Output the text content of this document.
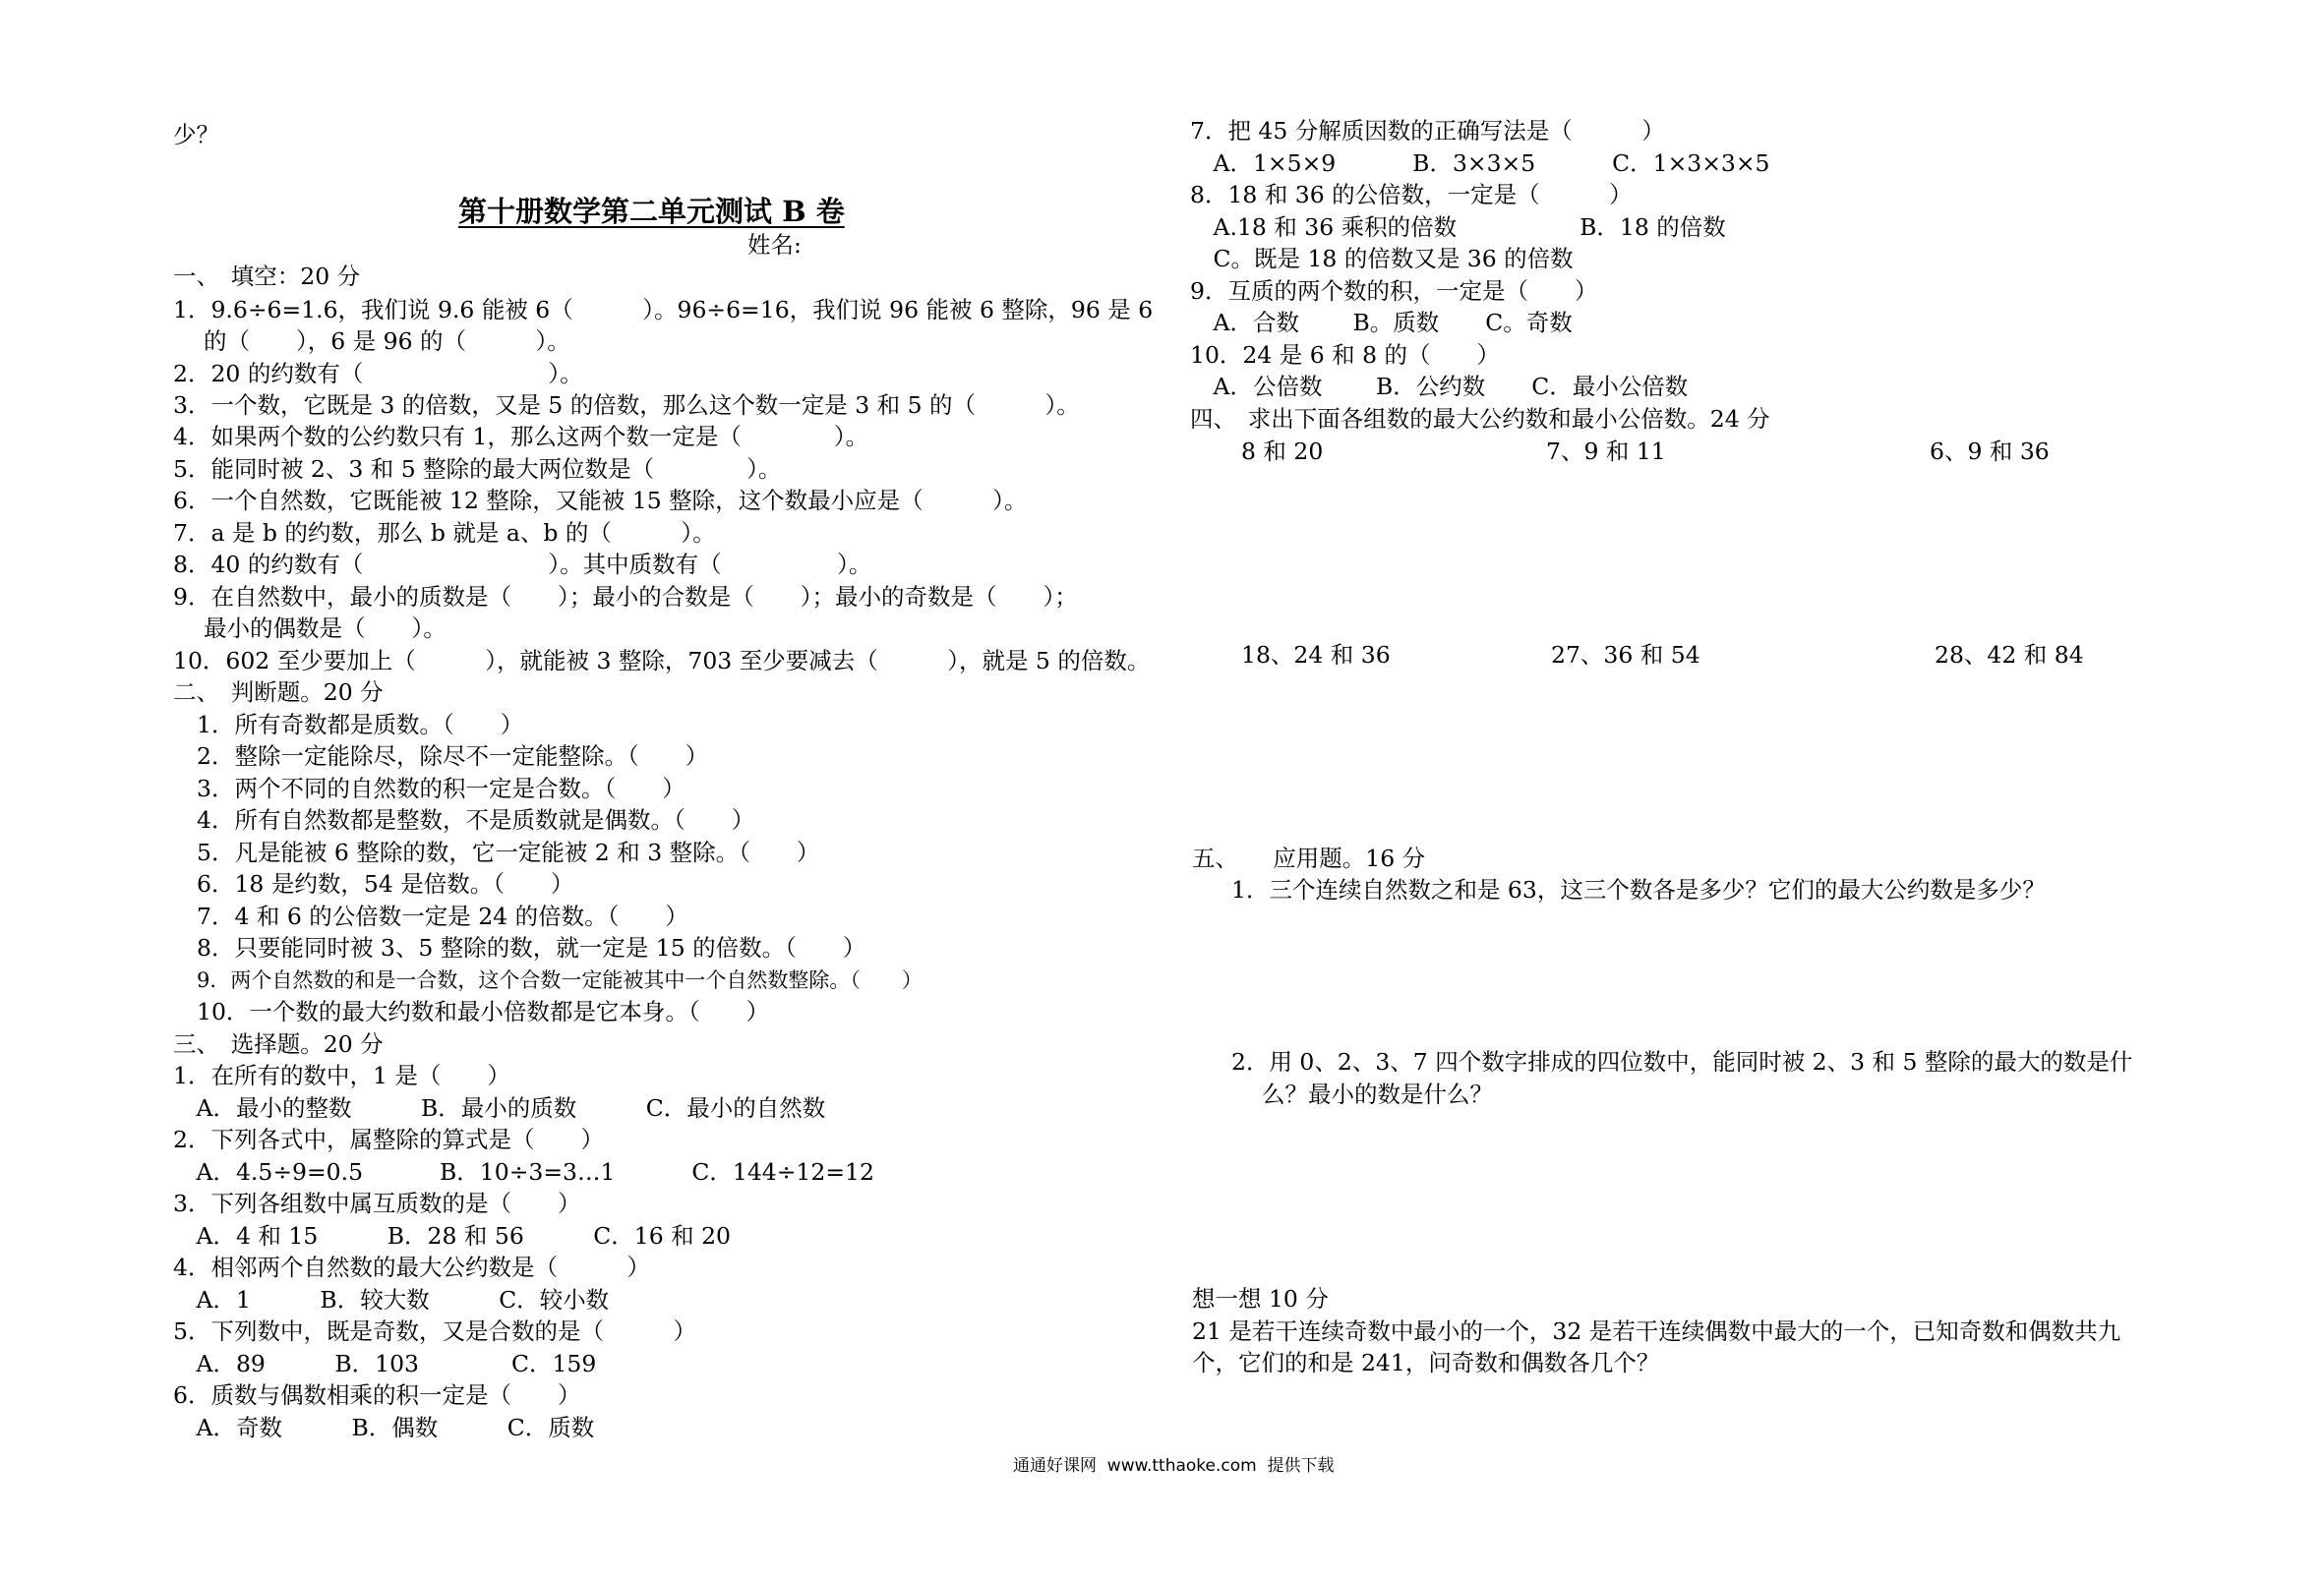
少？
第十册数学第二单元测试 B 卷
姓名:
一、　填空：20 分
1．9.6÷6=1.6，我们说 9.6 能被 6（　　　）。96÷6=16，我们说 96 能被 6 整除，96 是 6
　 的（　　），6 是 96 的（　　　）。
2．20 的约数有（　　　　　　　　）。
3．一个数，它既是 3 的倍数，又是 5 的倍数，那么这个数一定是 3 和 5 的（　　　）。
4．如果两个数的公约数只有 1，那么这两个数一定是（　　　　）。
5．能同时被 2、3 和 5 整除的最大两位数是（　　　　）。
6．一个自然数，它既能被 12 整除，又能被 15 整除，这个数最小应是（　　　）。
7．a 是 b 的约数，那么 b 就是 a、b 的（　　　）。
8．40 的约数有（　　　　　　　　）。其中质数有（　　　　　）。
9．在自然数中，最小的质数是（　　）；最小的合数是（　　）；最小的奇数是（　　）；
　 最小的偶数是（　　）。
10．602 至少要加上（　　　），就能被 3 整除，703 至少要减去（　　　），就是 5 的倍数。
二、　判断题。20 分
1．所有奇数都是质数。（　　）
2．整除一定能除尽，除尽不一定能整除。（　　）
3．两个不同的自然数的积一定是合数。（　　）
4．所有自然数都是整数，不是质数就是偶数。（　　）
5．凡是能被 6 整除的数，它一定能被 2 和 3 整除。（　　）
6．18 是约数，54 是倍数。（　　）
7．4 和 6 的公倍数一定是 24 的倍数。（　　）
8．只要能同时被 3、5 整除的数，就一定是 15 的倍数。（　　）
9．两个自然数的和是一合数，这个合数一定能被其中一个自然数整除。（　　）
10．一个数的最大约数和最小倍数都是它本身。（　　）
三、　选择题。20 分
1．在所有的数中，1 是（　　）
　A．最小的整数　　　B．最小的质数　　　C．最小的自然数
2．下列各式中，属整除的算式是（　　）
　A．4.5÷9=0.5　　　 B．10÷3=3…1　　　 C．144÷12=12
3．下列各组数中属互质数的是（　　）
　A．4 和 15　　　B．28 和 56　　　C．16 和 20
4．相邻两个自然数的最大公约数是（　　　）
　A．1　　　B．较大数　　　C．较小数
5．下列数中，既是奇数，又是合数的是（　　　）
　A．89　　　B．103　　　　C．159
6．质数与偶数相乘的积一定是（　　）
　A．奇数　　　B．偶数　　　C．质数
7．把 45 分解质因数的正确写法是（　　　）
　A．1×5×9　　　 B．3×3×5　　　 C．1×3×3×5
8．18 和 36 的公倍数，一定是（　　　）
　A.18 和 36 乘积的倍数　　　　　 B．18 的倍数
　C。既是 18 的倍数又是 36 的倍数
9．互质的两个数的积，一定是（　　）
　A．合数　　 B。质数　　C。奇数
10．24 是 6 和 8 的（　　）
　A．公倍数　　 B．公约数　　C．最小公倍数
四、　求出下面各组数的最大公约数和最小公倍数。24 分
8 和 20	7、9 和 11	6、9 和 36
18、24 和 36	27、36 和 54	28、42 和 84
五、　　应用题。16 分
1．三个连续自然数之和是 63，这三个数各是多少？它们的最大公约数是多少？
2．用 0、2、3、7 四个数字排成的四位数中，能同时被 2、3 和 5 整除的最大的数是什
　 么？最小的数是什么？
想一想 10 分
21 是若干连续奇数中最小的一个，32 是若干连续偶数中最大的一个，已知奇数和偶数共九
个，它们的和是 241，问奇数和偶数各几个？
通通好课网  www.tthaoke.com  提供下载
